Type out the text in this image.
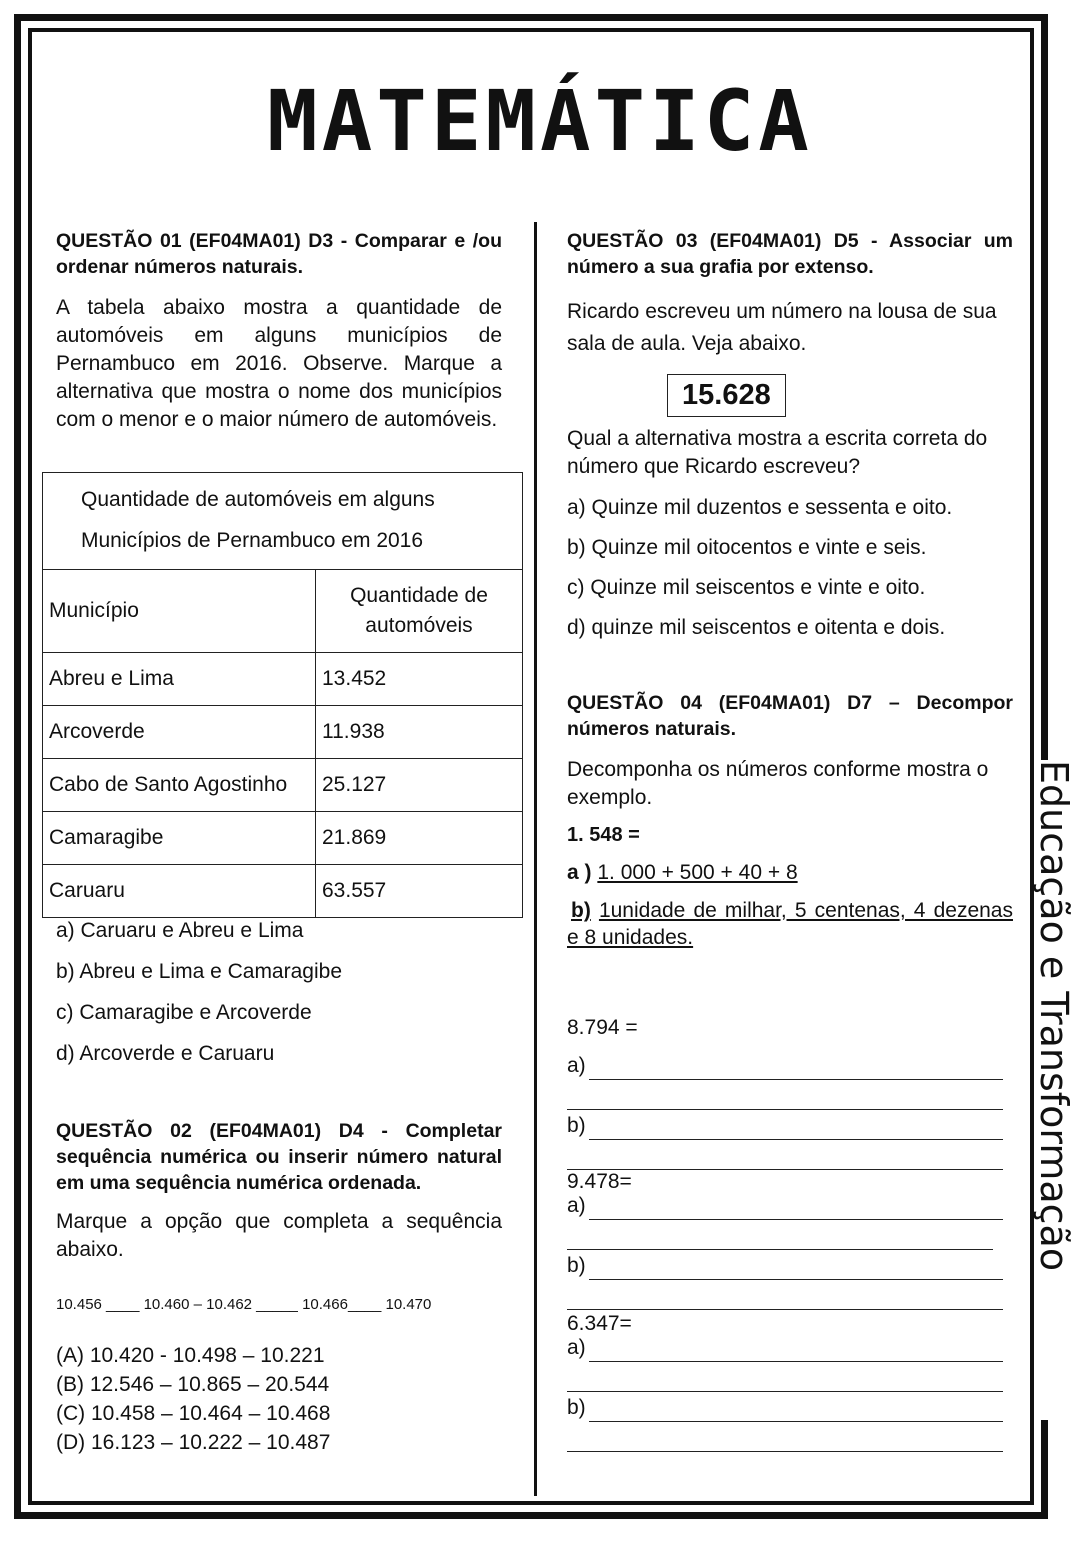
MATEMÁTICA
Educação e Transformação

QUESTÃO 01 (EF04MA01) D3 - Comparar e /ou ordenar números naturais.

A tabela abaixo mostra a quantidade de automóveis em alguns municípios de Pernambuco em 2016. Observe. Marque a alternativa que mostra o nome dos municípios com o menor e o maior número de automóveis.

Quantidade de automóveis em alguns
Municípios de Pernambuco em 2016	

Município	Quantidade de automóveis
Abreu e Lima	13.452
Arcoverde	11.938
Cabo de Santo Agostinho	25.127
Camaragibe	21.869
Caruaru	63.557

a) Caruaru e Abreu e Lima

b) Abreu e Lima e Camaragibe

c) Camaragibe e Arcoverde

d) Arcoverde e Caruaru

QUESTÃO 02 (EF04MA01) D4 - Completar sequência numérica ou inserir número natural em uma sequência numérica ordenada.

Marque a opção que completa a sequência abaixo.

10.456 ____ 10.460 – 10.462 _____ 10.466____ 10.470

(A) 10.420 - 10.498 – 10.221

(B) 12.546 – 10.865 – 20.544

(C) 10.458 – 10.464 – 10.468

(D) 16.123 – 10.222 – 10.487

QUESTÃO 03 (EF04MA01) D5 - Associar um número a sua grafia por extenso.

Ricardo escreveu um número na lousa de sua sala de aula. Veja abaixo.

15.628

Qual a alternativa mostra a escrita correta do número que Ricardo escreveu?

a) Quinze mil duzentos e sessenta e oito.

b) Quinze mil oitocentos e vinte e seis.

c) Quinze mil seiscentos e vinte e oito.

d) quinze mil seiscentos e oitenta e dois.

QUESTÃO 04 (EF04MA01) D7 – Decompor números naturais.

Decomponha os números conforme mostra o exemplo.

1. 548 =

a ) 1. 000 + 500 + 40 + 8

b) 1unidade de milhar, 5 centenas, 4 dezenas e 8 unidades.

8.794 =
a)
b)
9.478=
a)
b)
6.347=
a)
b)
